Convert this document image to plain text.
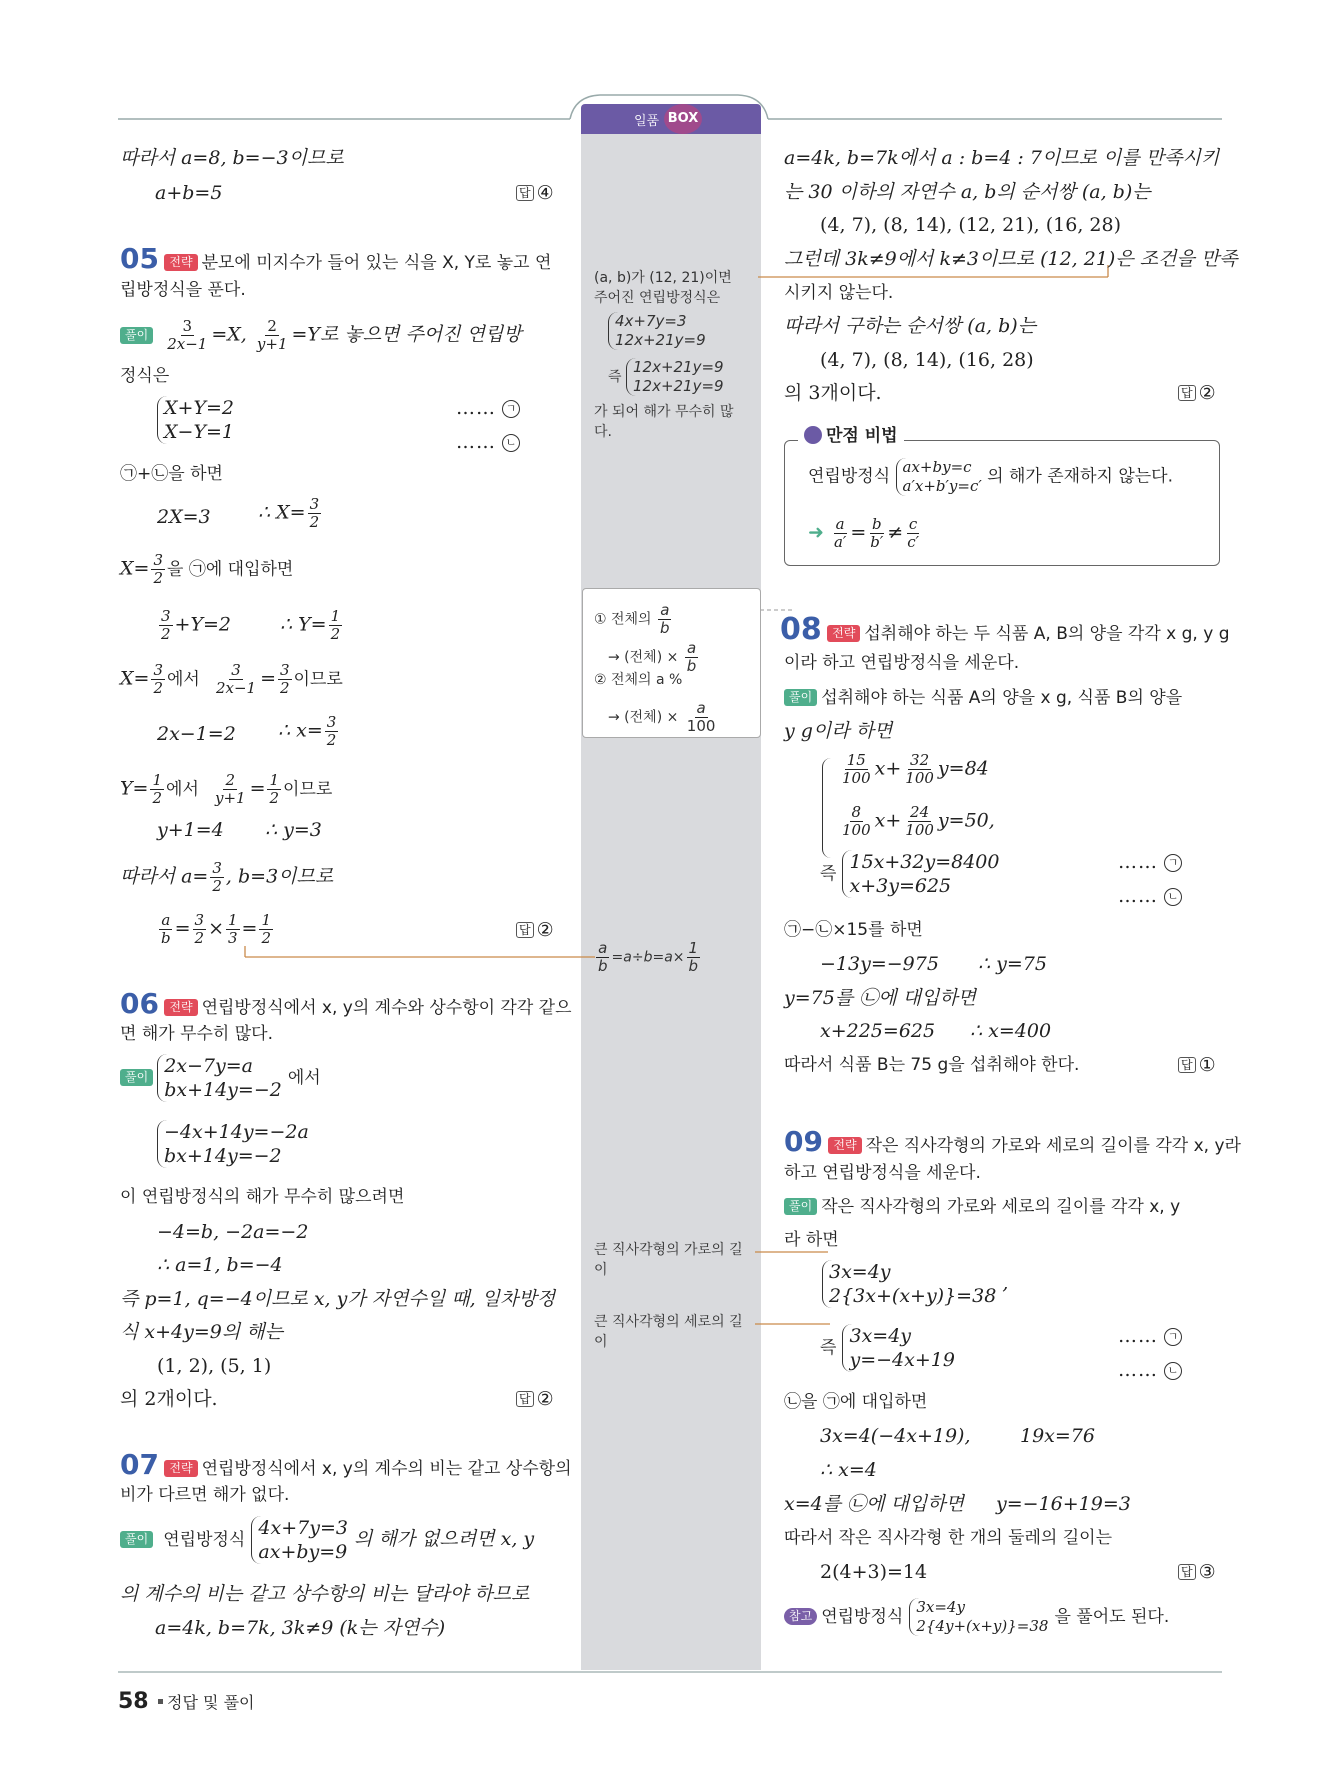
일품 BOX
따라서 a=8, b=−3이므로
a+b=5	답 ④
05 전략 분모에 미지수가 들어 있는 식을 X, Y로 놓고 연
립방정식을 푼다.
풀이 $\frac{3}{2x-1} =X$, $\frac{2}{y+1} =Y$로 놓으면 주어진 연립방
정식은
X+Y=2
X−Y=1
…… ㄱ
…… ㄴ
㉠+㉡을 하면
2X=3 ∴ $X= \frac{3}{2}$
$X= \frac{3}{2}$ 을 ㉠에 대입하면
$\frac{3}{2} +Y=2$	∴ $Y= \frac{1}{2}$
$X= \frac{3}{2}$ 에서 $\frac{3}{2x-1} = \frac{3}{2}$ 이므로
2x−1=2 ∴ $x= \frac{3}{2}$
$Y= \frac{1}{2}$ 에서 $\frac{2}{y+1} = \frac{1}{2}$ 이므로
y+1=4 ∴ y=3
따라서 $a= \frac{3}{2}$ , b=3이므로
$\frac{a}{b} = \frac{3}{2} \times \frac{1}{3} = \frac{1}{2}$	답 ②
06 전략 연립방정식에서 x, y의 계수와 상수항이 각각 같으
면 해가 무수히 많다.
풀이 2x−7y=a
bx+14y=−2 에서
−4x+14y=−2a
bx+14y=−2
이 연립방정식의 해가 무수히 많으려면
−4=b, −2a=−2
∴ a=1, b=−4
즉 p=1, q=−4이므로 x, y가 자연수일 때, 일차방정
식 x+4y=9의 해는
(1, 2), (5, 1)
의 2개이다.	답 ②
07 전략 연립방정식에서 x, y의 계수의 비는 같고 상수항의
비가 다르면 해가 없다.
풀이 연립방정식 4x+7y=3
ax+by=9 의 해가 없으려면 x, y
의 계수의 비는 같고 상수항의 비는 달라야 하므로
a=4k, b=7k, 3k≠9 (k는 자연수)
(a, b)가 (12, 21)이면
주어진 연립방정식은
4x+7y=3
12x+21y=9
즉 12x+21y=9
12x+21y=9
가 되어 해가 무수히 많
다.
① 전체의 $\frac{a}{b}$
→ (전체) × $\frac{a}{b}$
② 전체의 a %
→ (전체) × $\frac{a}{100}$
$\frac{a}{b} =a\div b=a\times \frac{1}{b}$
큰 직사각형의 가로의 길
이
큰 직사각형의 세로의 길
이
a=4k, b=7k에서 a : b=4 : 7이므로 이를 만족시키
는 30 이하의 자연수 a, b의 순서쌍 (a, b)는
(4, 7), (8, 14), (12, 21), (16, 28)
그런데 3k≠9에서 k≠3이므로 (12, 21)은 조건을 만족
시키지 않는다.
따라서 구하는 순서쌍 (a, b)는
(4, 7), (8, 14), (16, 28)
의 3개이다.	답 ②
만점 비법
연립방정식 ax+by=c
a′x+b′y=c′ 의 해가 존재하지 않는다.
➜ $\frac{a}{a'} = \frac{b}{b'} \ne \frac{c}{c'}$
08 전략 섭취해야 하는 두 식품 A, B의 양을 각각 x g, y g
이라 하고 연립방정식을 세운다.
풀이 섭취해야 하는 식품 A의 양을 x g, 식품 B의 양을
y g이라 하면
$\frac{15}{100} x+ \frac{32}{100} y=84$
$\frac{8}{100} x+ \frac{24}{100} y=50$,
즉 15x+32y=8400
x+3y=625
…… ㄱ
…… ㄴ
㉠−㉡×15를 하면
−13y=−975 ∴ y=75
y=75를 ㉡에 대입하면
x+225=625 ∴ x=400
따라서 식품 B는 75 g을 섭취해야 한다.	답 ①
09 전략 작은 직사각형의 가로와 세로의 길이를 각각 x, y라
하고 연립방정식을 세운다.
풀이 작은 직사각형의 가로와 세로의 길이를 각각 x, y
라 하면
3x=4y
2{3x+(x+y)}=38 ,
즉 3x=4y
y=−4x+19
…… ㄱ
…… ㄴ
㉡을 ㉠에 대입하면
3x=4(−4x+19),	19x=76
∴ x=4
x=4를 ㉡에 대입하면 y=−16+19=3
따라서 작은 직사각형 한 개의 둘레의 길이는
2(4+3)=14	답 ③
참고 연립방정식 3x=4y
2{4y+(x+y)}=38 을 풀어도 된다.
58 정답 및 풀이
